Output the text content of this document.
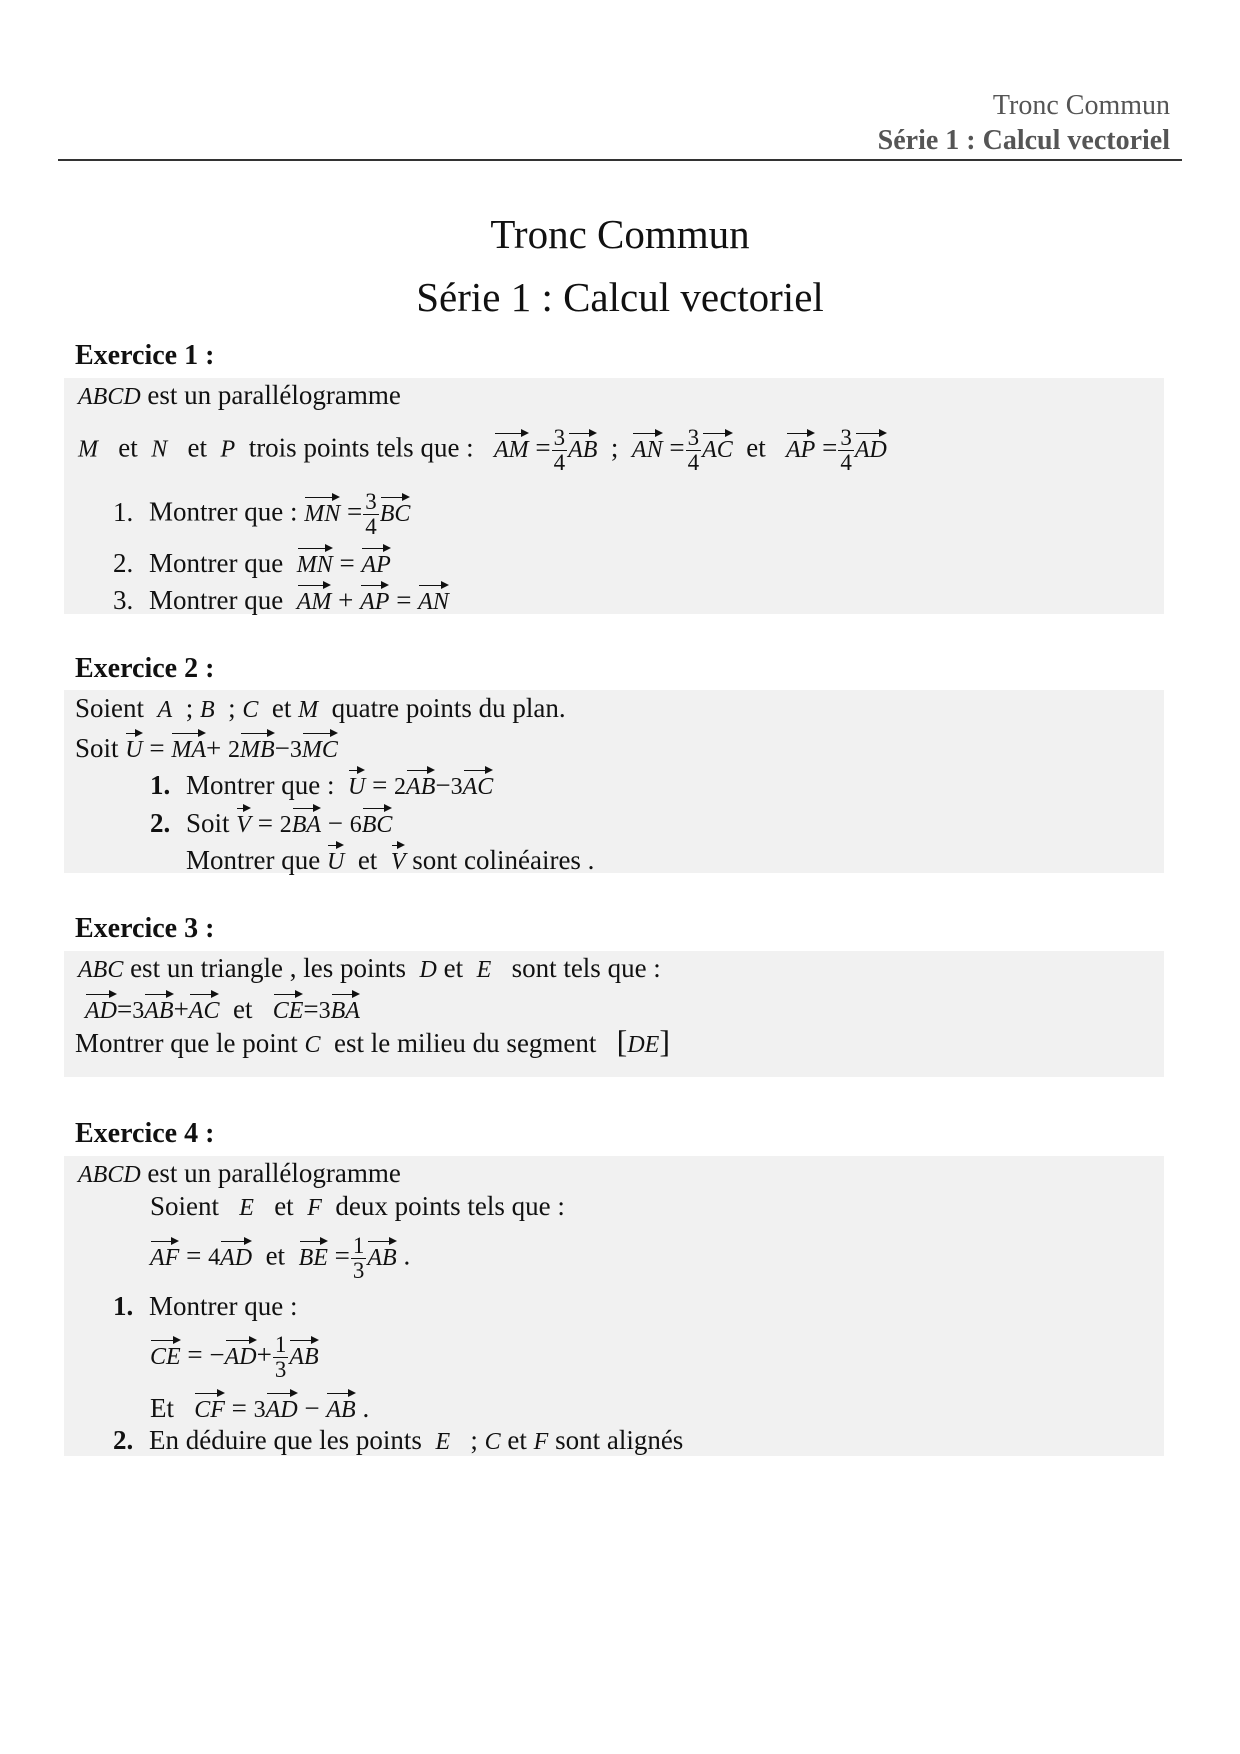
Tronc Commun
Série 1 : Calcul vectoriel
Tronc Commun
Série 1 : Calcul vectoriel
Exercice 1 :
ABCD est un parallélogramme
M et N et P trois points tels que : AM = $\frac{3}{4}$ AB ; AN = $\frac{3}{4}$ AC et AP = $\frac{3}{4}$ AD
1. Montrer que : MN = $\frac{3}{4}$ BC
2. Montrer que MN = AP
3. Montrer que AM + AP = AN
Exercice 2 :
Soient A ; B ; C et M quatre points du plan.
Soit U = MA+ 2MB−3MC
1. Montrer que : U = 2AB−3AC
2. Soit V = 2BA − 6BC
Montrer que U et V sont colinéaires .
Exercice 3 :
ABC est un triangle , les points D et E sont tels que :
AD=3AB+AC et CE=3BA
Montrer que le point C est le milieu du segment [DE]
Exercice 4 :
ABCD est un parallélogramme
Soient E et F deux points tels que :
AF = 4AD et BE = $\frac{1}{3}$ AB .
1. Montrer que :
CE = $-AD+ \frac{1}{3}$ AB
Et CF = 3AD − AB .
2. En déduire que les points E ; C et F sont alignés
